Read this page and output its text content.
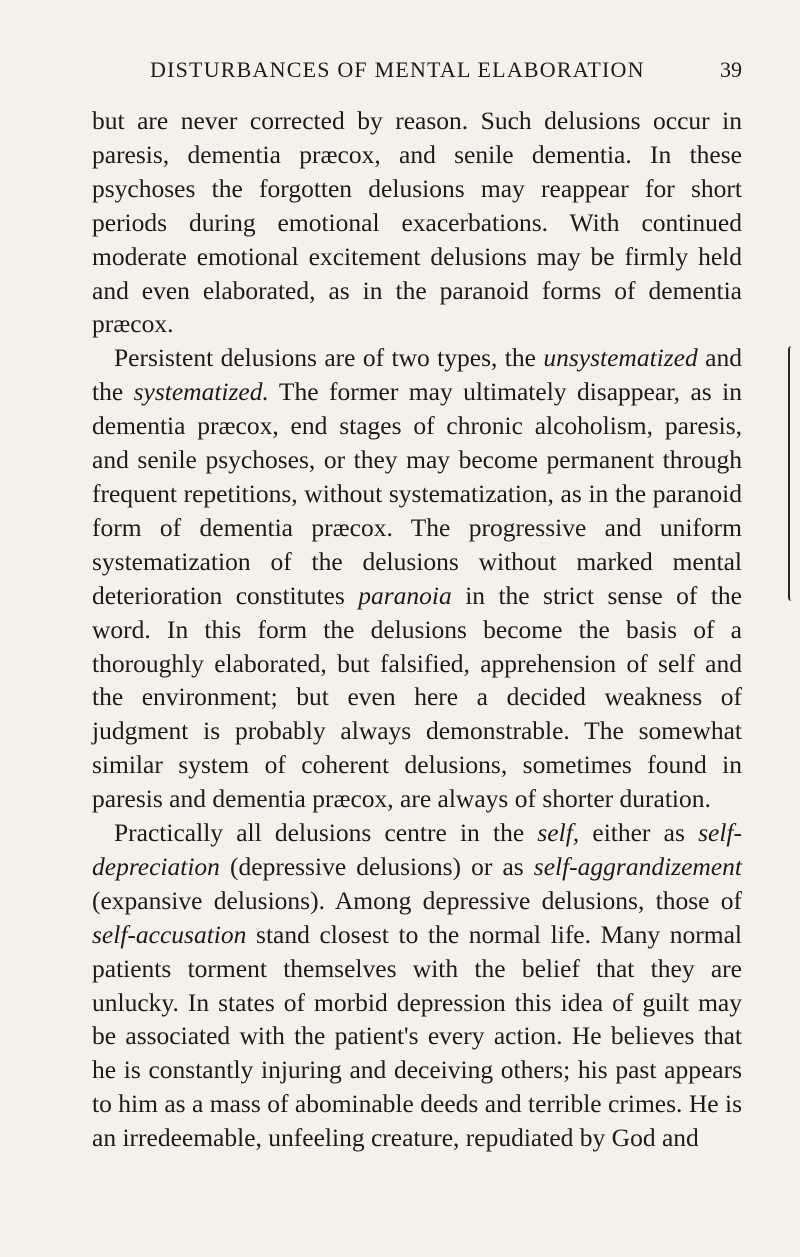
DISTURBANCES OF MENTAL ELABORATION	39

but are never corrected by reason. Such delusions occur in paresis, dementia præcox, and senile dementia. In these psychoses the forgotten delusions may reappear for short periods during emotional exacerbations. With continued moderate emotional excitement delusions may be firmly held and even elaborated, as in the paranoid forms of dementia præcox.

Persistent delusions are of two types, the unsystematized and the systematized. The former may ultimately disappear, as in dementia præcox, end stages of chronic alcoholism, paresis, and senile psychoses, or they may become permanent through frequent repetitions, without systematization, as in the paranoid form of dementia præcox. The progressive and uniform systematization of the delusions without marked mental deterioration constitutes paranoia in the strict sense of the word. In this form the delusions become the basis of a thoroughly elaborated, but falsified, apprehension of self and the environment; but even here a decided weakness of judgment is probably always demonstrable. The somewhat similar system of coherent delusions, sometimes found in paresis and dementia præcox, are always of shorter duration.

Practically all delusions centre in the self, either as self-depreciation (depressive delusions) or as self-aggrandizement (expansive delusions). Among depressive delusions, those of self-accusation stand closest to the normal life. Many normal patients torment themselves with the belief that they are unlucky. In states of morbid depression this idea of guilt may be associated with the patient's every action. He believes that he is constantly injuring and deceiving others; his past appears to him as a mass of abominable deeds and terrible crimes. He is an irredeemable, unfeeling creature, repudiated by God and
